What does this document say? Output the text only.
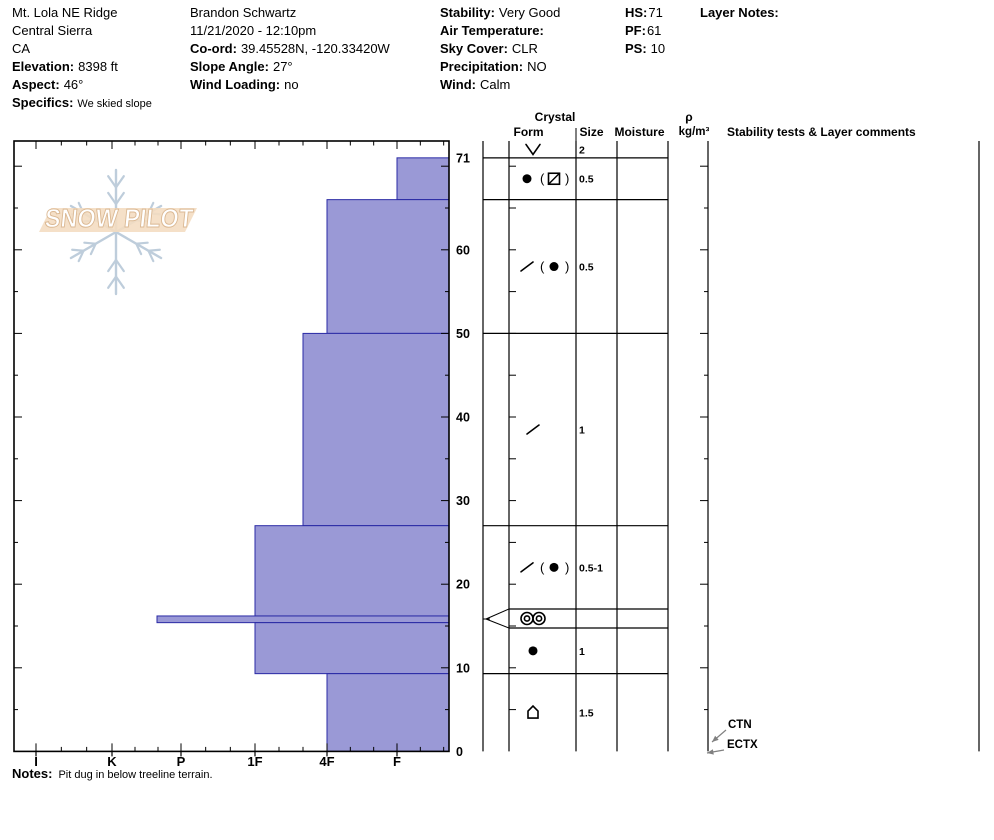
Mt. Lola NE Ridge
Central Sierra
CA
Elevation: 8398 ft
Aspect: 46°
Specifics: We skied slope
Brandon Schwartz
11/21/2020 - 12:10pm
Co-ord: 39.45528N, -120.33420W
Slope Angle: 27°
Wind Loading: no
Stability: Very Good
Air Temperature:
Sky Cover: CLR
Precipitation: NO
Wind: Calm
HS:71
PF:61
PS: 10
Layer Notes:
SNOW PILOT
71
60
50
40
30
20
10
0
I	K	P	1F	4F	F
Crystal
Form	Size Moisture
ρ
kg/m³ Stability tests & Layer comments
2
( ) 0.5
( ) 0.5
1
( ) 0.5-1
1
1.5
CTN
ECTX
Notes: Pit dug in below treeline terrain.
